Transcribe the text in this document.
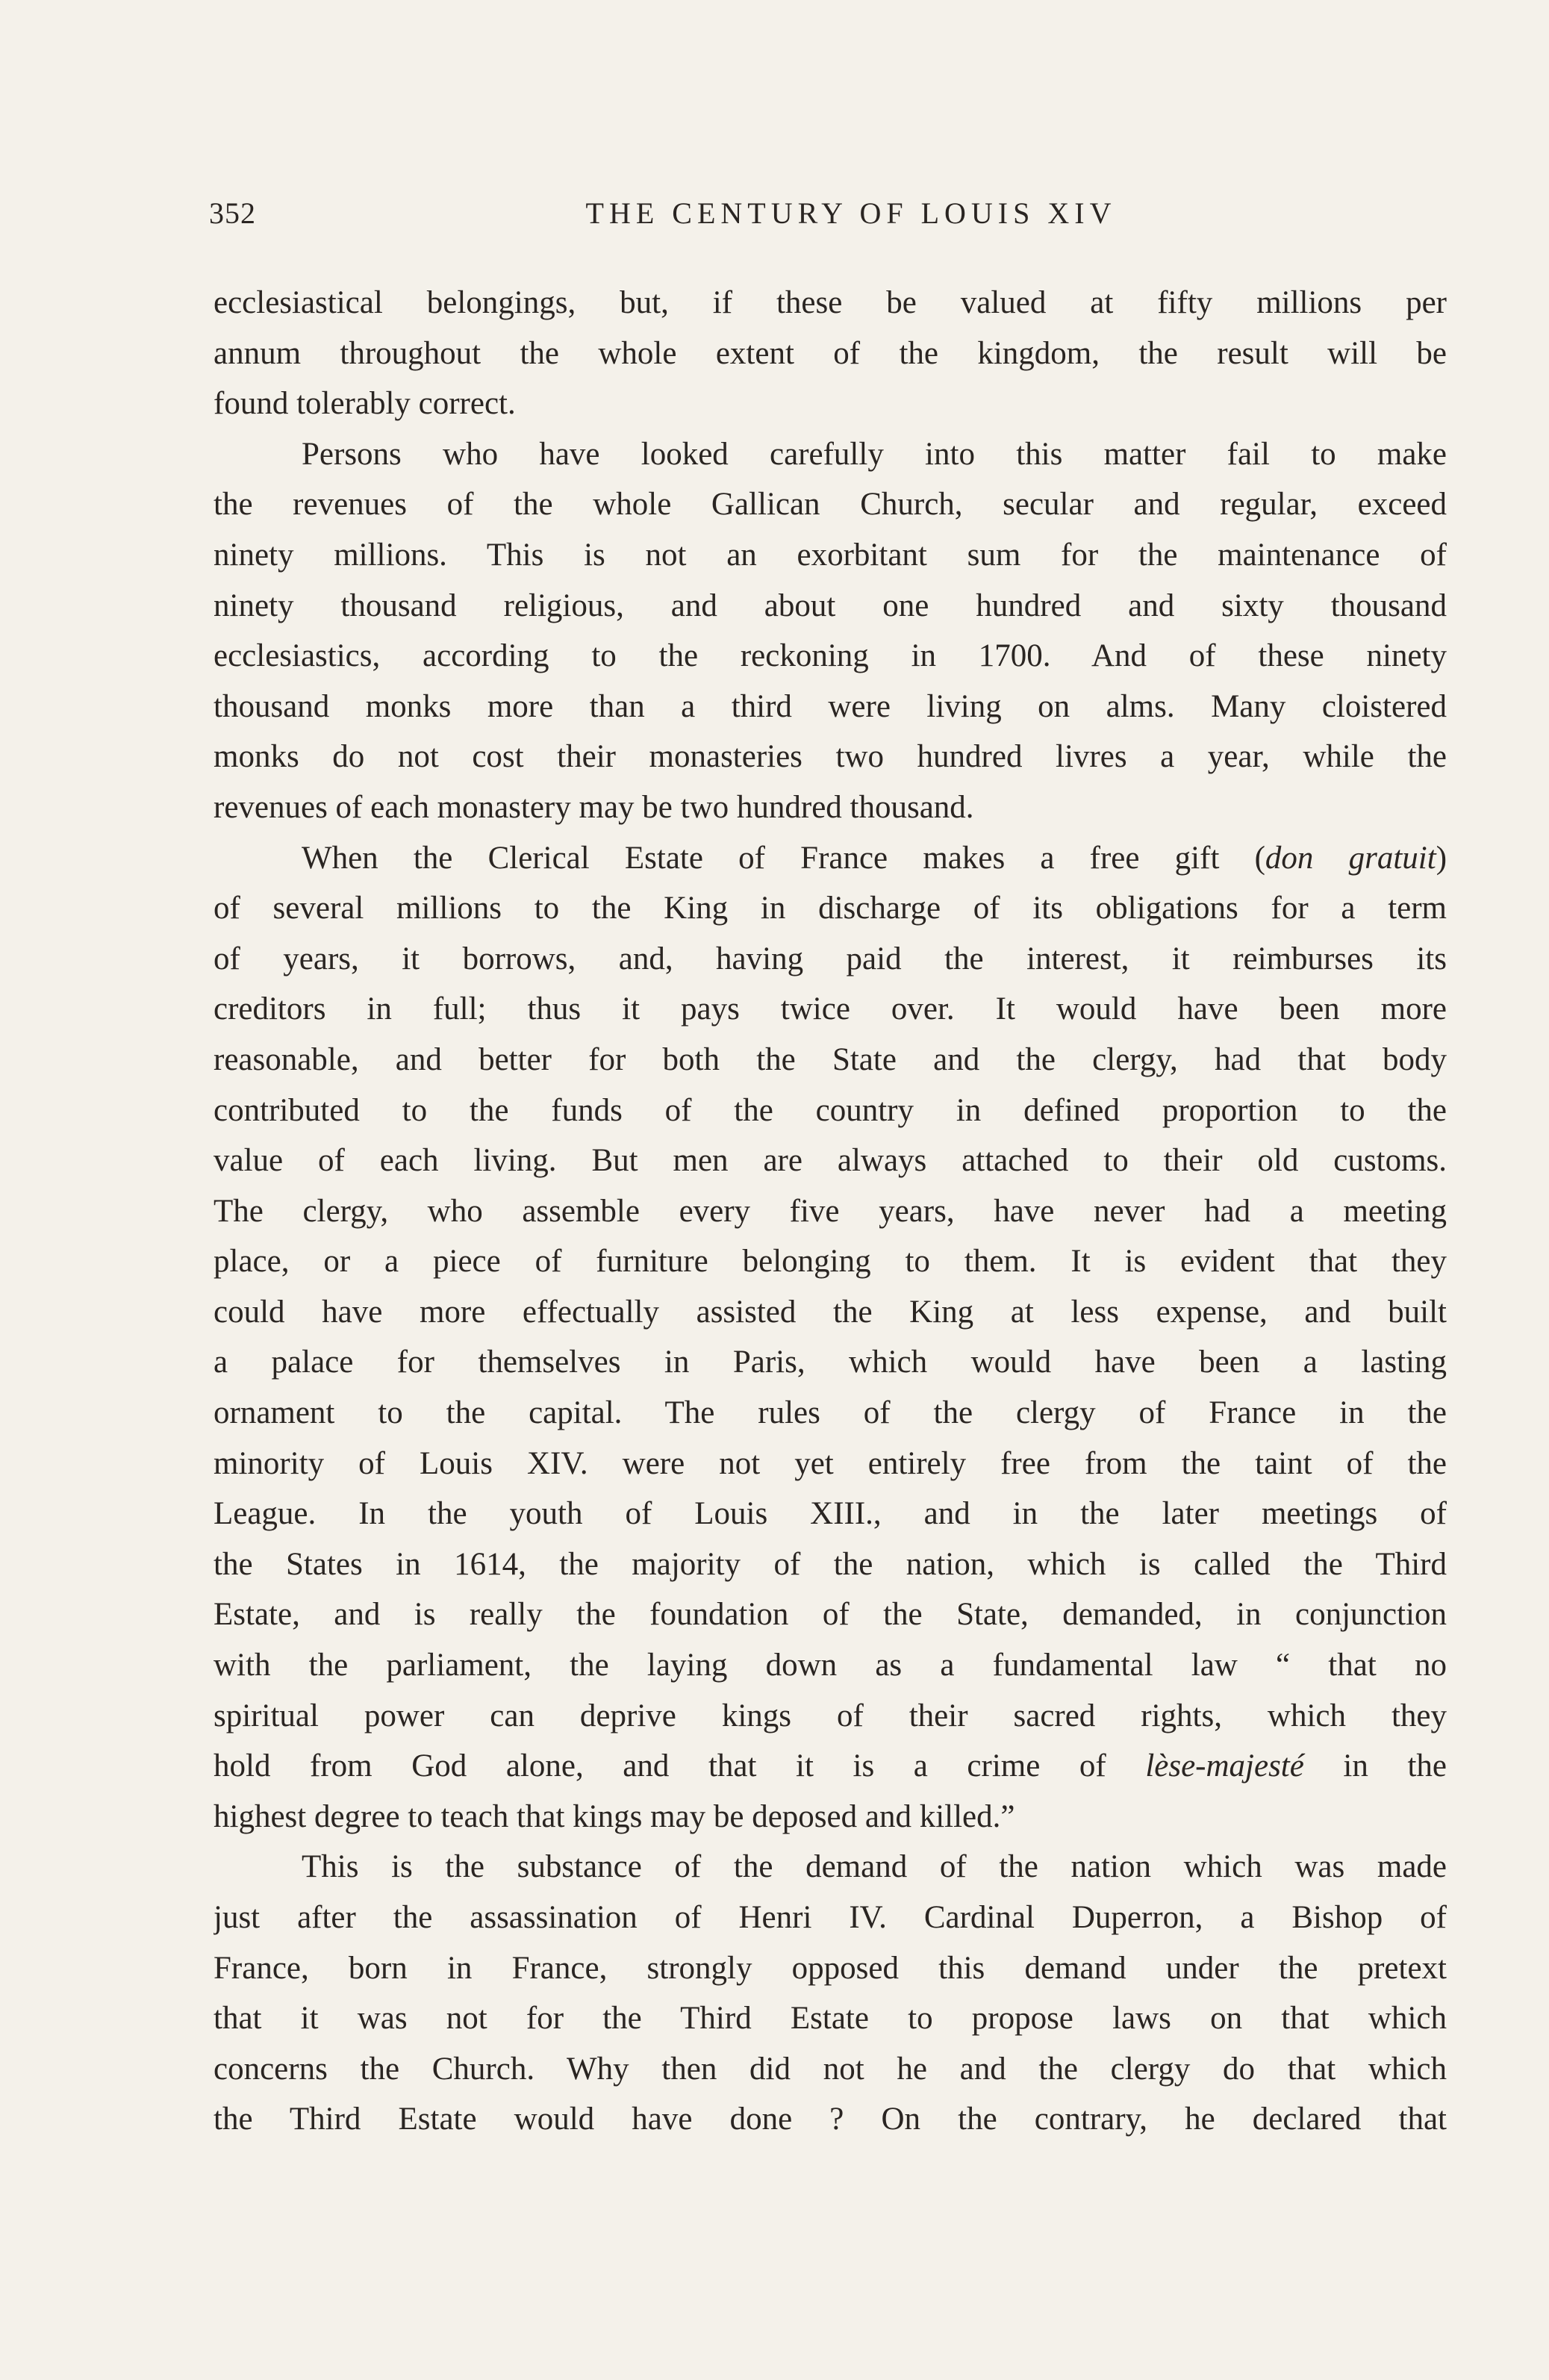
352	THE CENTURY OF LOUIS XIV
ecclesiastical belongings, but, if these be valued at fifty millions per
annum throughout the whole extent of the kingdom, the result will be
found tolerably correct.
Persons who have looked carefully into this matter fail to make
the revenues of the whole Gallican Church, secular and regular, exceed
ninety millions. This is not an exorbitant sum for the maintenance of
ninety thousand religious, and about one hundred and sixty thousand
ecclesiastics, according to the reckoning in 1700. And of these ninety
thousand monks more than a third were living on alms. Many cloistered
monks do not cost their monasteries two hundred livres a year, while the
revenues of each monastery may be two hundred thousand.
When the Clerical Estate of France makes a free gift (don gratuit)
of several millions to the King in discharge of its obligations for a term
of years, it borrows, and, having paid the interest, it reimburses its
creditors in full; thus it pays twice over. It would have been more
reasonable, and better for both the State and the clergy, had that body
contributed to the funds of the country in defined proportion to the
value of each living. But men are always attached to their old customs.
The clergy, who assemble every five years, have never had a meeting
place, or a piece of furniture belonging to them. It is evident that they
could have more effectually assisted the King at less expense, and built
a palace for themselves in Paris, which would have been a lasting
ornament to the capital. The rules of the clergy of France in the
minority of Louis XIV. were not yet entirely free from the taint of the
League. In the youth of Louis XIII., and in the later meetings of
the States in 1614, the majority of the nation, which is called the Third
Estate, and is really the foundation of the State, demanded, in conjunction
with the parliament, the laying down as a fundamental law “ that no
spiritual power can deprive kings of their sacred rights, which they
hold from God alone, and that it is a crime of lèse-majesté in the
highest degree to teach that kings may be deposed and killed.”
This is the substance of the demand of the nation which was made
just after the assassination of Henri IV. Cardinal Duperron, a Bishop of
France, born in France, strongly opposed this demand under the pretext
that it was not for the Third Estate to propose laws on that which
concerns the Church. Why then did not he and the clergy do that which
the Third Estate would have done ? On the contrary, he declared that
